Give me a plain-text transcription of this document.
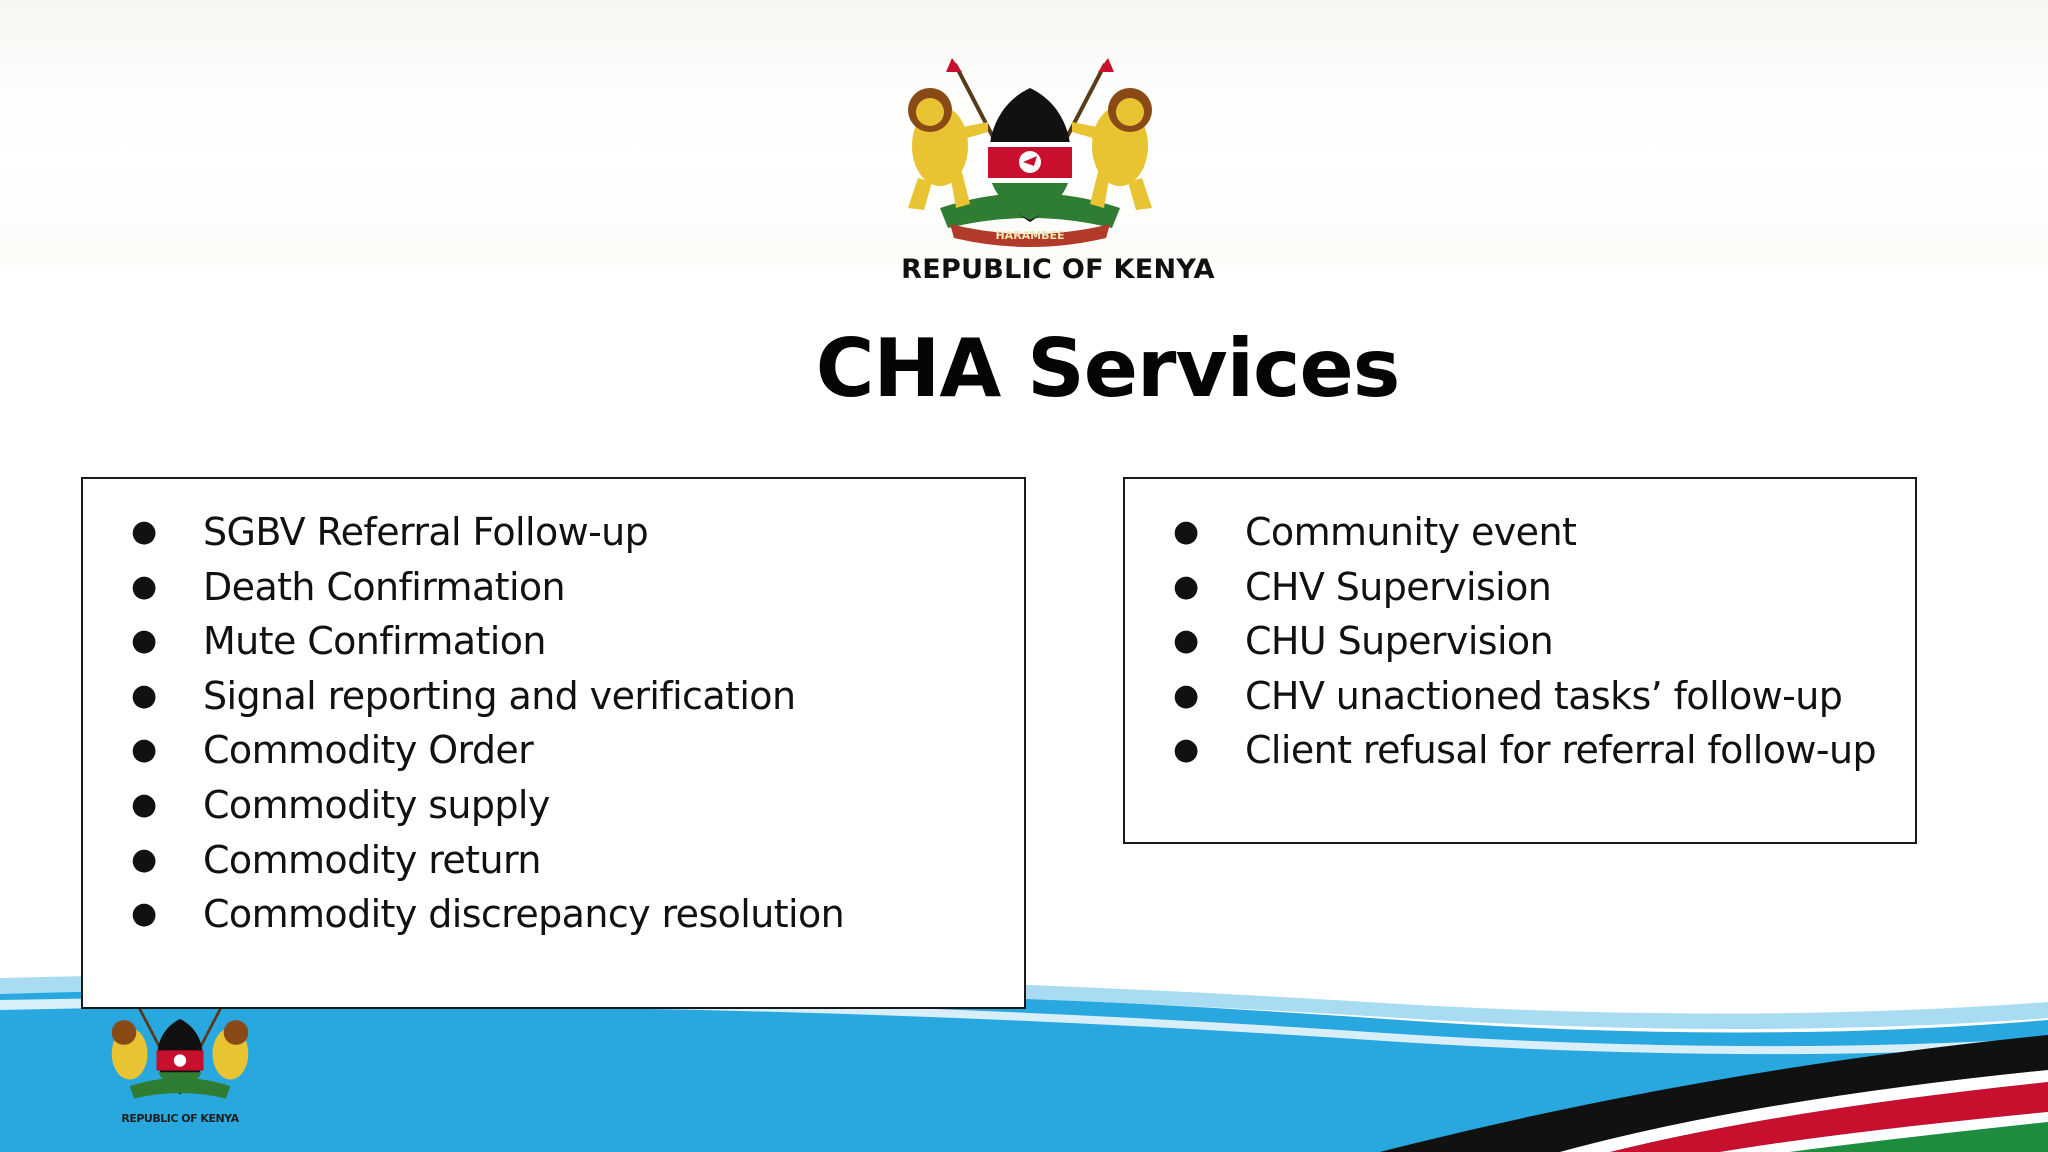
HARAMBEE
REPUBLIC OF KENYA
CHA Services
REPUBLIC OF KENYA
● SGBV Referral Follow-up
● Death Confirmation
● Mute Confirmation
● Signal reporting and verification
● Commodity Order
● Commodity supply
● Commodity return
● Commodity discrepancy resolution
● Community event
● CHV Supervision
● CHU Supervision
● CHV unactioned tasks’ follow-up
● Client refusal for referral follow-up
